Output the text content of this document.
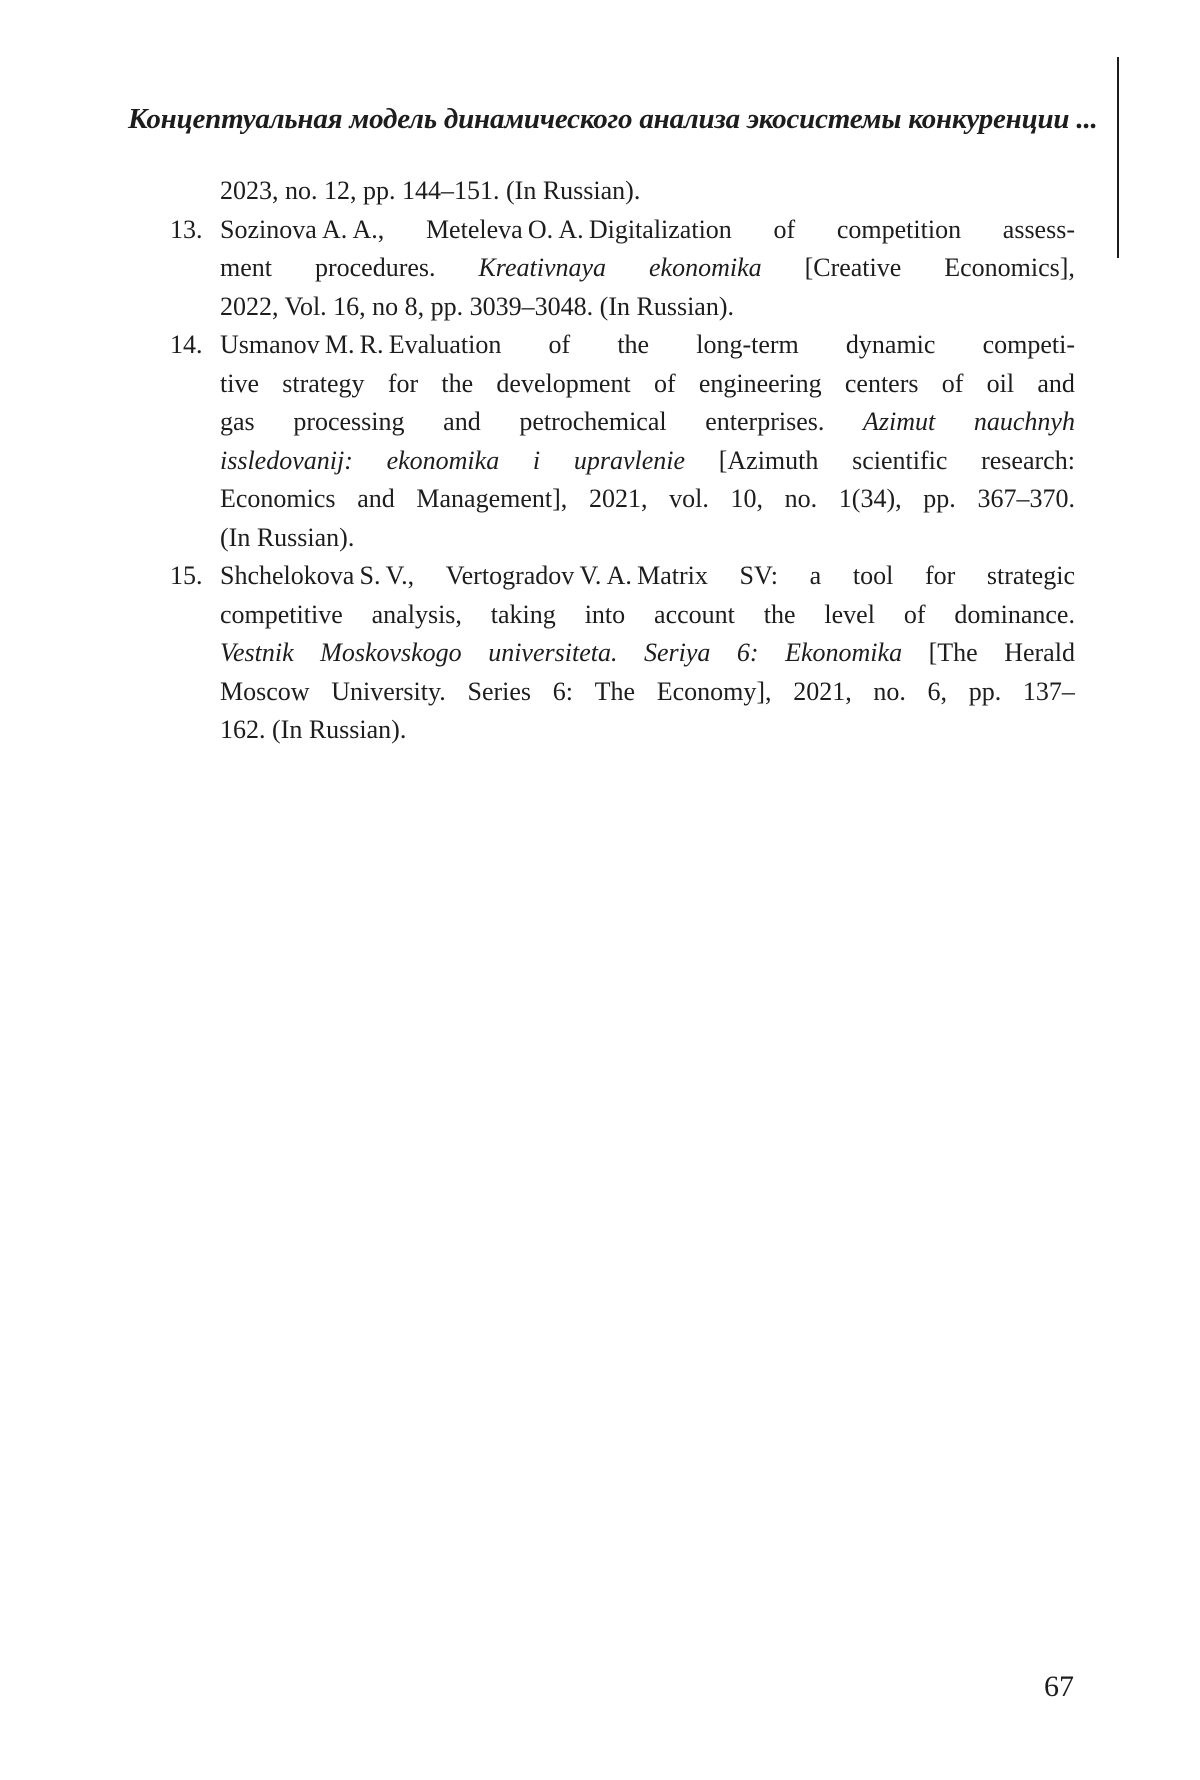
Концептуальная модель динамического анализа экосистемы конкуренции ...
2023, no. 12, pp. 144–151. (In Russian).
13. Sozinova A. A., Meteleva O. A. Digitalization of competition assess-
ment procedures. Kreativnaya ekonomika [Creative Economics],
2022, Vol. 16, no 8, pp. 3039–3048. (In Russian).
14. Usmanov M. R. Evaluation of the long-term dynamic competi-
tive strategy for the development of engineering centers of oil and
gas processing and petrochemical enterprises. Azimut nauchnyh
issledovanij: ekonomika i upravlenie [Azimuth scientific research:
Economics and Management], 2021, vol. 10, no. 1(34), pp. 367–370.
(In Russian).
15. Shchelokova S. V., Vertogradov V. A. Matrix SV: a tool for strategic
competitive analysis, taking into account the level of dominance.
Vestnik Moskovskogo universiteta. Seriya 6: Ekonomika [The Herald
Moscow University. Series 6: The Economy], 2021, no. 6, pp. 137–
162. (In Russian).
67
